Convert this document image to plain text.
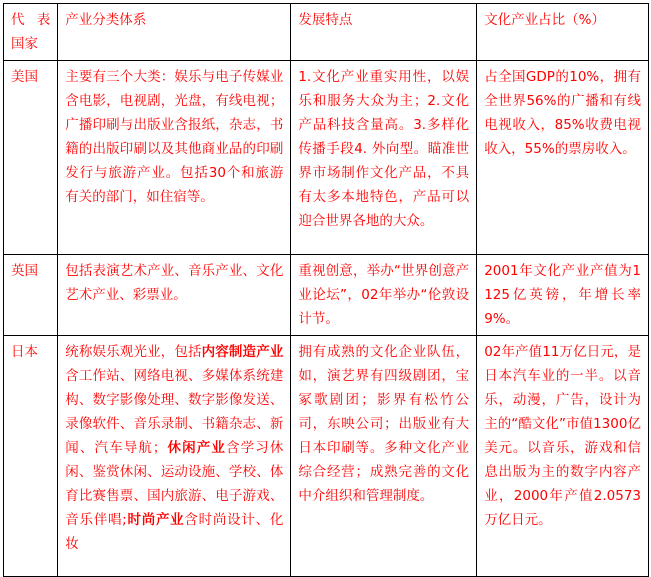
代 表 国家	产业分类体系	发展特点	文化产业占比（%）
美国	主要有三个大类：娱乐与电子传媒业含电影，电视剧，光盘，有线电视；广播印刷与出版业含报纸，杂志，书籍的出版印刷以及其他商业品的印刷发行与旅游产业。包括30个和旅游有关的部门，如住宿等。	1.文化产业重实用性，以娱乐和服务大众为主；2.文化产品科技含量高。3.多样化传播手段4. 外向型。瞄准世界市场制作文化产品，不具有太多本地特色，产品可以迎合世界各地的大众。	占全国GDP的10%，拥有全世界56%的广播和有线电视收入，85%收费电视收入，55%的票房收入。
英国	包括表演艺术产业、音乐产业、文化艺术产业、彩票业。	重视创意，举办“世界创意产业论坛”，02年举办“伦敦设计节。	2001年文化产业产值为1125亿英镑，年增长率9%。
日本	统称娱乐观光业，包括内容制造产业含工作站、网络电视、多媒体系统建构、数字影像处理、数字影像发送、录像软件、音乐录制、书籍杂志、新闻、汽车导航；休闲产业含学习休闲、鉴赏休闲、运动设施、学校、体育比赛售票、国内旅游、电子游戏、音乐伴唱;时尚产业含时尚设计、化妆	拥有成熟的文化企业队伍，如，演艺界有四级剧团，宝冢歌剧团；影界有松竹公司，东映公司；出版业有大日本印刷等。多种文化产业综合经营；成熟完善的文化中介组织和管理制度。	02年产值11万亿日元，是日本汽车业的一半。以音乐，动漫，广告，设计为主的“酷文化”市值1300亿美元。以音乐，游戏和信息出版为主的数字内容产业，2000年产值2.0573万亿日元。
